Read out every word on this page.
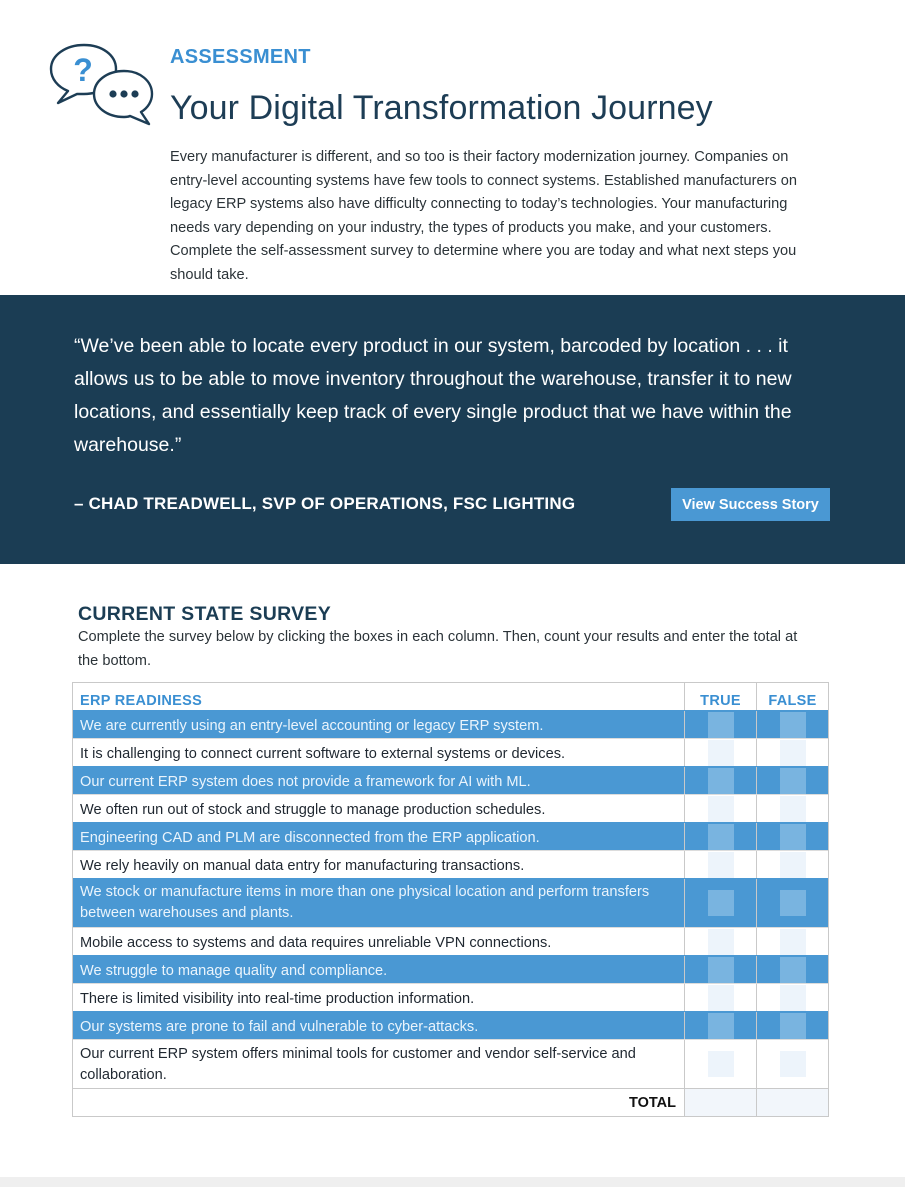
?	ASSESSMENT
Your Digital Transformation Journey

Every manufacturer is different, and so too is their factory modernization journey. Companies on entry-level accounting systems have few tools to connect systems. Established manufacturers on legacy ERP systems also have difficulty connecting to today’s technologies. Your manufacturing needs vary depending on your industry, the types of products you make, and your customers. Complete the self-assessment survey to determine where you are today and what next steps you should take.

“We’ve been able to locate every product in our system, barcoded by location . . . it allows us to be able to move inventory throughout the warehouse, transfer it to new locations, and essentially keep track of every single product that we have within the warehouse.”

– CHAD TREADWELL, SVP OF OPERATIONS, FSC LIGHTING	View Success Story
CURRENT STATE SURVEY

Complete the survey below by clicking the boxes in each column. Then, count your results and enter the total at the bottom.

ERP READINESS	TRUE	FALSE
We are currently using an entry-level accounting or legacy ERP system.
It is challenging to connect current software to external systems or devices.
Our current ERP system does not provide a framework for AI with ML.
We often run out of stock and struggle to manage production schedules.
Engineering CAD and PLM are disconnected from the ERP application.
We rely heavily on manual data entry for manufacturing transactions.
We stock or manufacture items in more than one physical location and perform transfers between warehouses and plants.
Mobile access to systems and data requires unreliable VPN connections.
We struggle to manage quality and compliance.
There is limited visibility into real-time production information.
Our systems are prone to fail and vulnerable to cyber-attacks.
Our current ERP system offers minimal tools for customer and vendor self-service and collaboration.
TOTAL
